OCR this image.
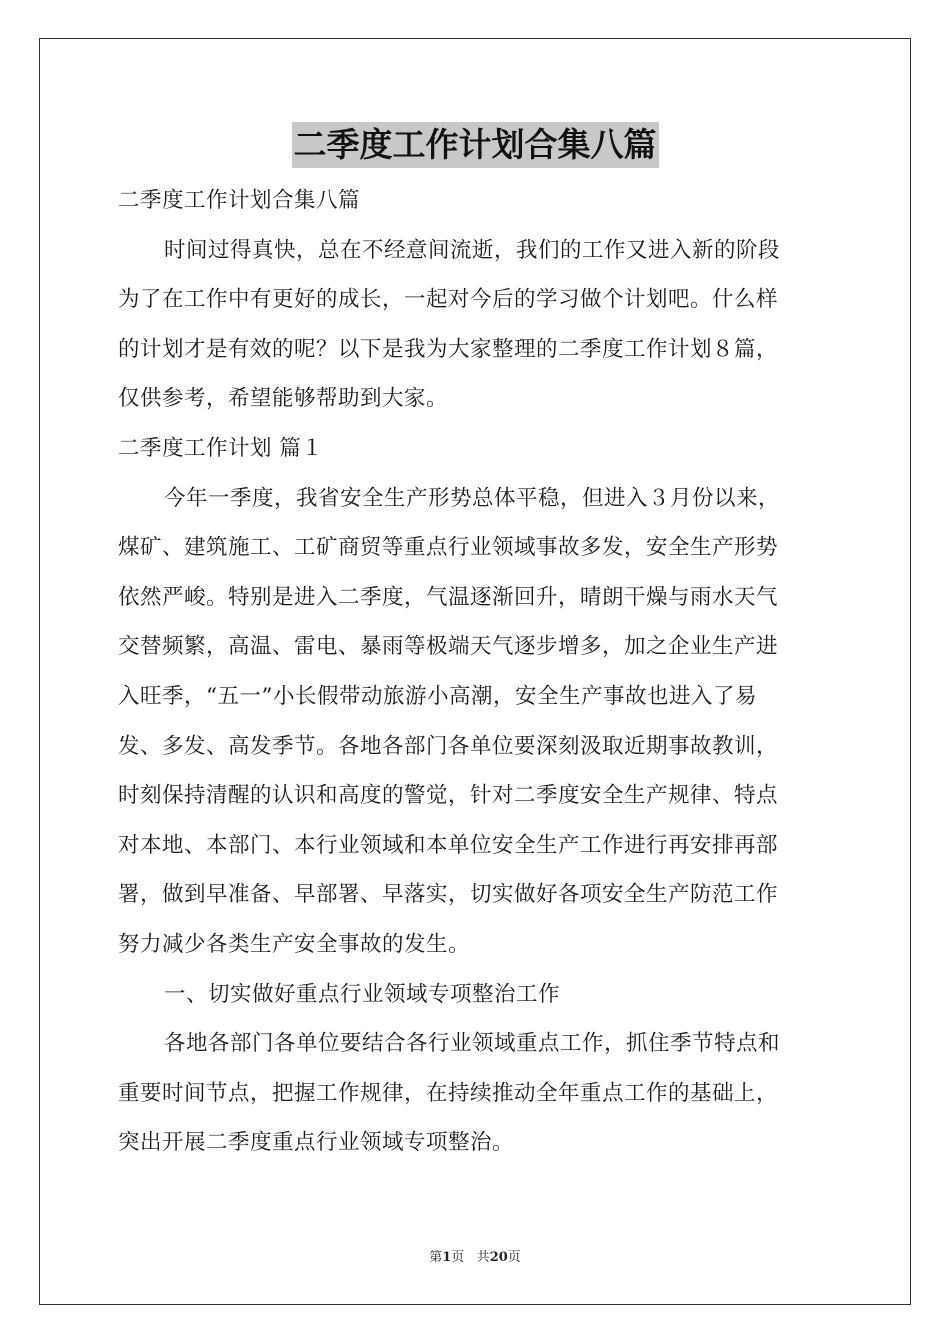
二季度工作计划合集八篇
二季度工作计划合集八篇
时间过得真快，总在不经意间流逝，我们的工作又进入新的阶段
为了在工作中有更好的成长，一起对今后的学习做个计划吧。什么样
的计划才是有效的呢？以下是我为大家整理的二季度工作计划８篇，
仅供参考，希望能够帮助到大家。
二季度工作计划 篇１
今年一季度，我省安全生产形势总体平稳，但进入３月份以来，
煤矿、建筑施工、工矿商贸等重点行业领域事故多发，安全生产形势
依然严峻。特别是进入二季度，气温逐渐回升，晴朗干燥与雨水天气
交替频繁，高温、雷电、暴雨等极端天气逐步增多，加之企业生产进
入旺季，“五一”小长假带动旅游小高潮，安全生产事故也进入了易
发、多发、高发季节。各地各部门各单位要深刻汲取近期事故教训，
时刻保持清醒的认识和高度的警觉，针对二季度安全生产规律、特点
对本地、本部门、本行业领域和本单位安全生产工作进行再安排再部
署，做到早准备、早部署、早落实，切实做好各项安全生产防范工作
努力减少各类生产安全事故的发生。
一、切实做好重点行业领域专项整治工作
各地各部门各单位要结合各行业领域重点工作，抓住季节特点和
重要时间节点，把握工作规律，在持续推动全年重点工作的基础上，
突出开展二季度重点行业领域专项整治。
第1页 共20页
